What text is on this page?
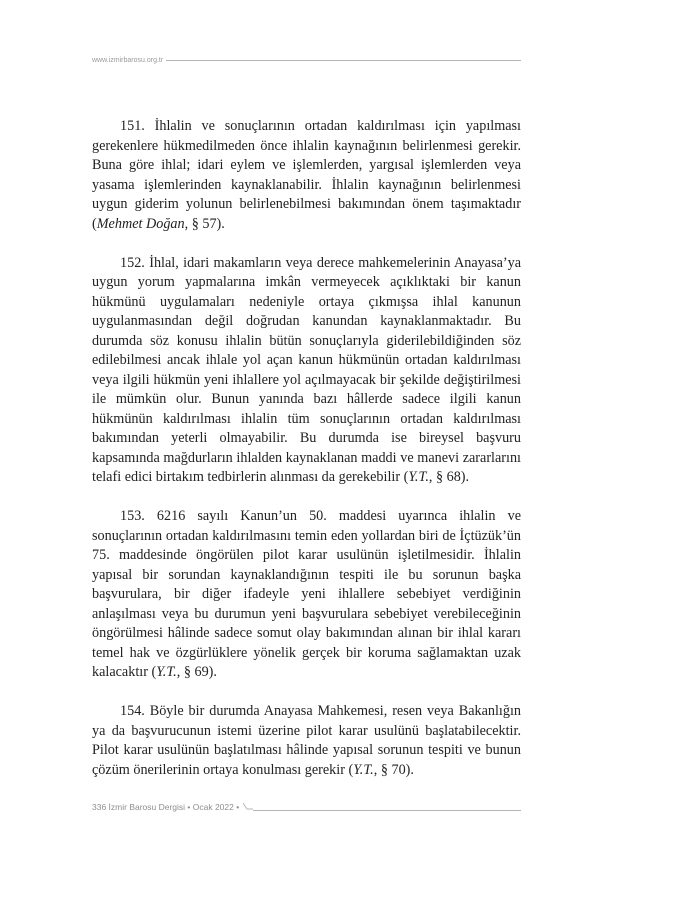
www.izmirbarosu.org.tr

151. İhlalin ve sonuçlarının ortadan kaldırılması için yapılması gerekenlere hükmedilmeden önce ihlalin kaynağının belirlenmesi gerekir. Buna göre ihlal; idari eylem ve işlemlerden, yargısal işlemlerden veya yasama işlemlerinden kaynaklanabilir. İhlalin kaynağının belirlenmesi uygun giderim yolunun belirlenebilmesi bakımından önem taşımaktadır (Mehmet Doğan, § 57).

152. İhlal, idari makamların veya derece mahkemelerinin Anayasa’ya uygun yorum yapmalarına imkân vermeyecek açıklıktaki bir kanun hükmünü uygulamaları nedeniyle ortaya çıkmışsa ihlal kanunun uygulanmasından değil doğrudan kanundan kaynaklanmaktadır. Bu durumda söz konusu ihlalin bütün sonuçlarıyla giderilebildiğinden söz edilebilmesi ancak ihlale yol açan kanun hükmünün ortadan kaldırılması veya ilgili hükmün yeni ihlallere yol açılmayacak bir şekilde değiştirilmesi ile mümkün olur. Bunun yanında bazı hâllerde sadece ilgili kanun hükmünün kaldırılması ihlalin tüm sonuçlarının ortadan kaldırılması bakımından yeterli olmayabilir. Bu durumda ise bireysel başvuru kapsamında mağdurların ihlalden kaynaklanan maddi ve manevi zararlarını telafi edici birtakım tedbirlerin alınması da gerekebilir (Y.T., § 68).

153. 6216 sayılı Kanun’un 50. maddesi uyarınca ihlalin ve sonuçlarının ortadan kaldırılmasını temin eden yollardan biri de İçtüzük’ün 75. maddesinde öngörülen pilot karar usulünün işletilmesidir. İhlalin yapısal bir sorundan kaynaklandığının tespiti ile bu sorunun başka başvurulara, bir diğer ifadeyle yeni ihlallere sebebiyet verdiğinin anlaşılması veya bu durumun yeni başvurulara sebebiyet verebileceğinin öngörülmesi hâlinde sadece somut olay bakımından alınan bir ihlal kararı temel hak ve özgürlüklere yönelik gerçek bir koruma sağlamaktan uzak kalacaktır (Y.T., § 69).

154. Böyle bir durumda Anayasa Mahkemesi, resen veya Bakanlığın ya da başvurucunun istemi üzerine pilot karar usulünü başlatabilecektir. Pilot karar usulünün başlatılması hâlinde yapısal sorunun tespiti ve bunun çözüm önerilerinin ortaya konulması gerekir (Y.T., § 70).

336 İzmir Barosu Dergisi • Ocak 2022 •
